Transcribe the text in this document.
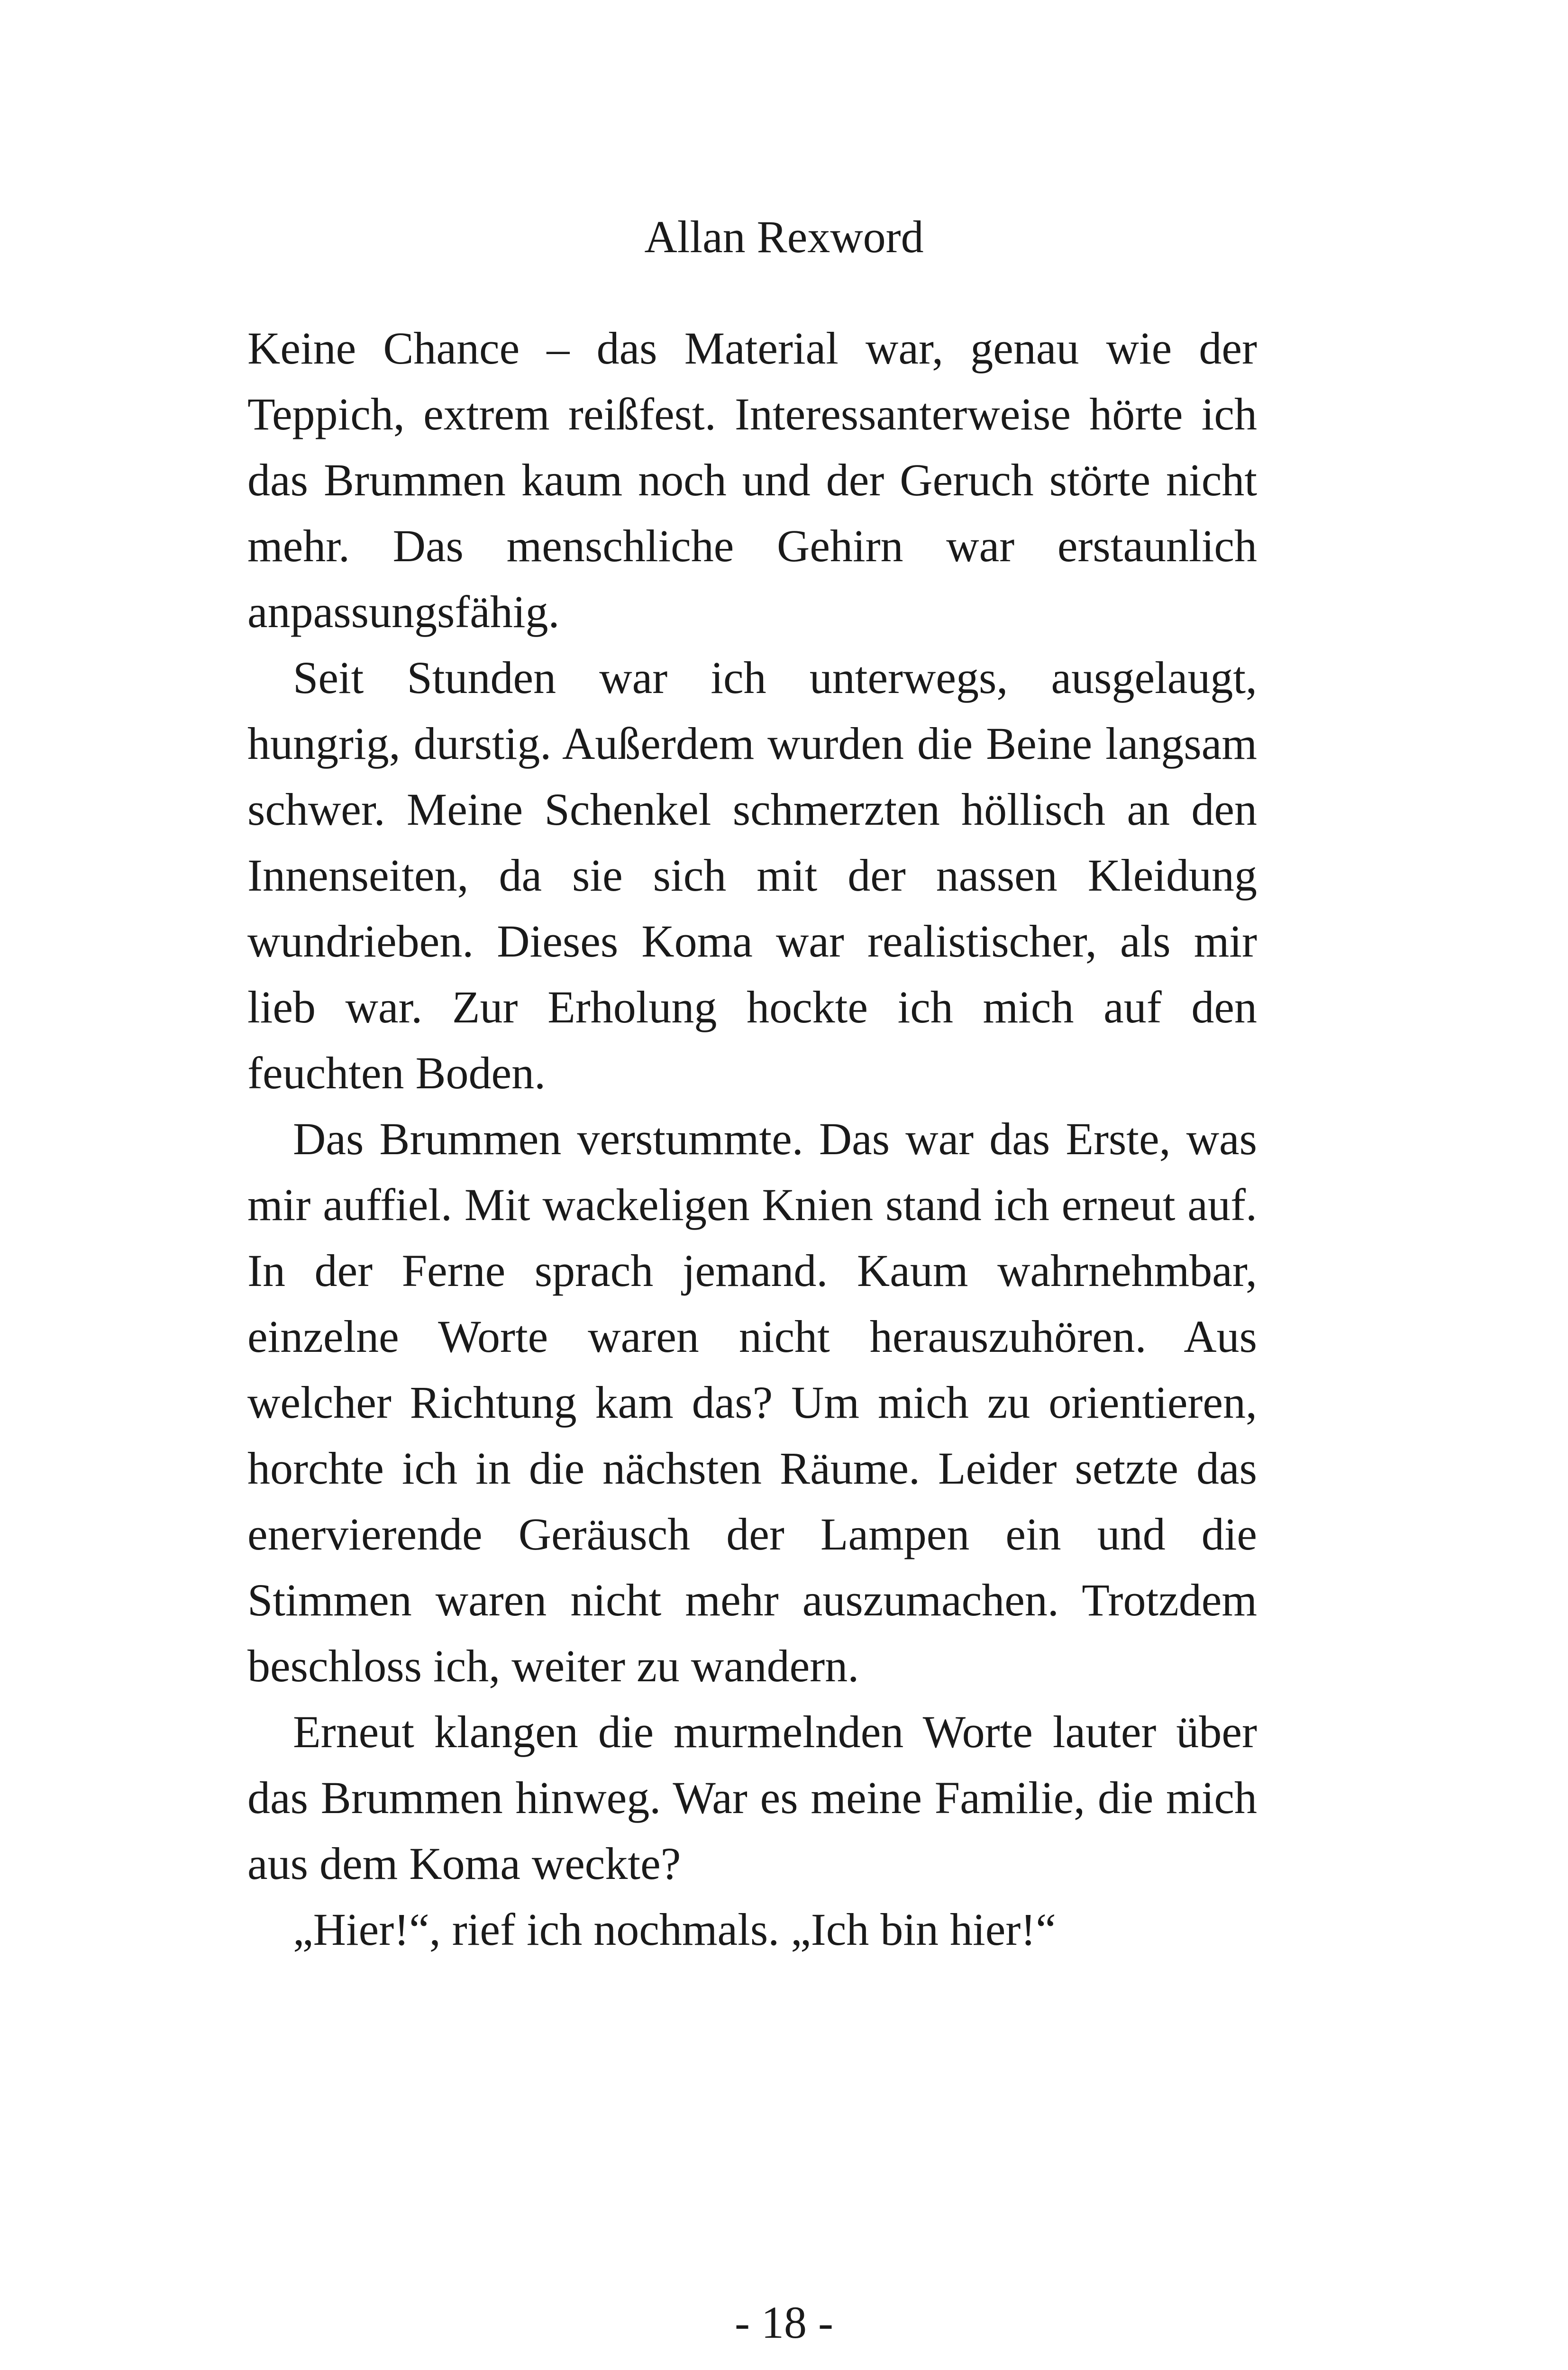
Allan Rexword

Keine Chance – das Material war, genau wie der Teppich, extrem reißfest. Interessanterweise hörte ich das Brummen kaum noch und der Geruch störte nicht mehr. Das menschliche Gehirn war erstaunlich anpassungsfähig.

Seit Stunden war ich unterwegs, ausgelaugt, hungrig, durstig. Außerdem wurden die Beine langsam schwer. Meine Schenkel schmerzten höllisch an den Innenseiten, da sie sich mit der nassen Kleidung wundrieben. Dieses Koma war realistischer, als mir lieb war. Zur Erholung hockte ich mich auf den feuchten Boden.

Das Brummen verstummte. Das war das Erste, was mir auffiel. Mit wackeligen Knien stand ich erneut auf. In der Ferne sprach jemand. Kaum wahrnehmbar, einzelne Worte waren nicht herauszuhören. Aus welcher Richtung kam das? Um mich zu orientieren, horchte ich in die nächsten Räume. Leider setzte das enervierende Geräusch der Lampen ein und die Stimmen waren nicht mehr auszumachen. Trotzdem beschloss ich, weiter zu wandern.

Erneut klangen die murmelnden Worte lauter über das Brummen hinweg. War es meine Familie, die mich aus dem Koma weckte?

„Hier!“, rief ich nochmals. „Ich bin hier!“

- 18 -
